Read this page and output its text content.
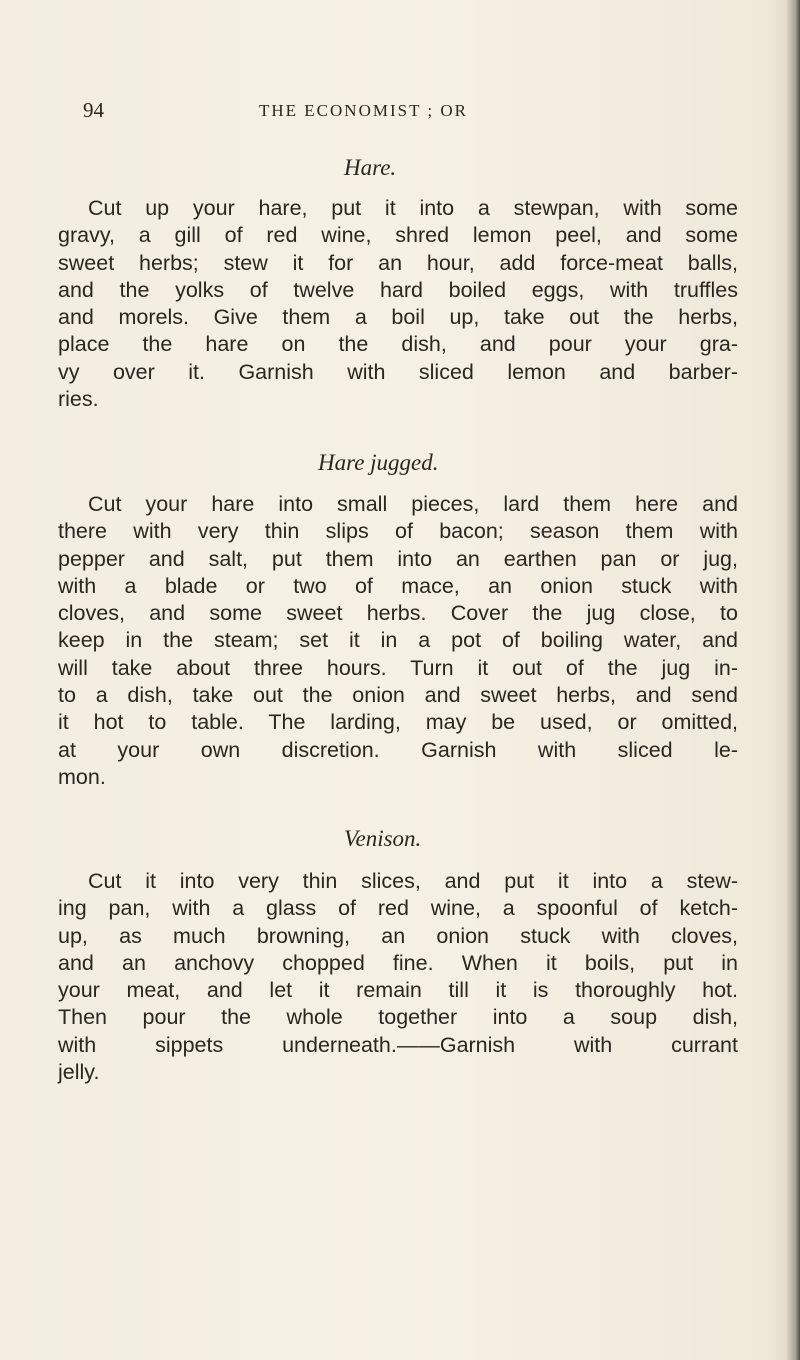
94	THE ECONOMIST ; OR
Hare.
Cut up your hare, put it into a stewpan, with some
gravy, a gill of red wine, shred lemon peel, and some
sweet herbs; stew it for an hour, add force-meat balls,
and the yolks of twelve hard boiled eggs, with truffles
and morels. Give them a boil up, take out the herbs,
place the hare on the dish, and pour your gra-
vy over it. Garnish with sliced lemon and barber-
ries.
Hare jugged.
Cut your hare into small pieces, lard them here and
there with very thin slips of bacon; season them with
pepper and salt, put them into an earthen pan or jug,
with a blade or two of mace, an onion stuck with
cloves, and some sweet herbs. Cover the jug close, to
keep in the steam; set it in a pot of boiling water, and
will take about three hours. Turn it out of the jug in-
to a dish, take out the onion and sweet herbs, and send
it hot to table. The larding, may be used, or omitted,
at your own discretion. Garnish with sliced le-
mon.
Venison.
Cut it into very thin slices, and put it into a stew-
ing pan, with a glass of red wine, a spoonful of ketch-
up, as much browning, an onion stuck with cloves,
and an anchovy chopped fine. When it boils, put in
your meat, and let it remain till it is thoroughly hot.
Then pour the whole together into a soup dish,
with sippets underneath.——Garnish with currant
jelly.
